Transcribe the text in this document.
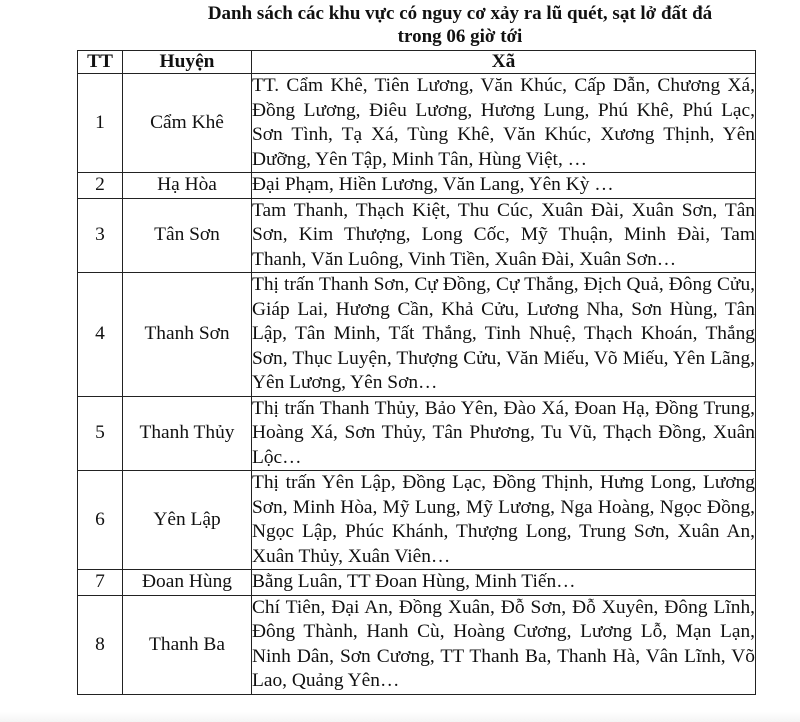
Danh sách các khu vực có nguy cơ xảy ra lũ quét, sạt lở đất đá
trong 06 giờ tới
TT	Huyện	Xã
1	Cẩm Khê	TT. Cẩm Khê, Tiên Lương, Văn Khúc, Cấp Dẫn, Chương Xá, Đồng Lương, Điêu Lương, Hương Lung, Phú Khê, Phú Lạc, Sơn Tình, Tạ Xá, Tùng Khê, Văn Khúc, Xương Thịnh, Yên Dưỡng, Yên Tập, Minh Tân, Hùng Việt, …
2	Hạ Hòa	Đại Phạm, Hiền Lương, Văn Lang, Yên Kỳ …
3	Tân Sơn	Tam Thanh, Thạch Kiệt, Thu Cúc, Xuân Đài, Xuân Sơn, Tân Sơn, Kim Thượng, Long Cốc, Mỹ Thuận, Minh Đài, Tam Thanh, Văn Luông, Vinh Tiền, Xuân Đài, Xuân Sơn…
4	Thanh Sơn	Thị trấn Thanh Sơn, Cự Đồng, Cự Thắng, Địch Quả, Đông Cửu, Giáp Lai, Hương Cần, Khả Cửu, Lương Nha, Sơn Hùng, Tân Lập, Tân Minh, Tất Thắng, Tinh Nhuệ, Thạch Khoán, Thắng Sơn, Thục Luyện, Thượng Cửu, Văn Miếu, Võ Miếu, Yên Lãng, Yên Lương, Yên Sơn…
5	Thanh Thủy	Thị trấn Thanh Thủy, Bảo Yên, Đào Xá, Đoan Hạ, Đồng Trung, Hoàng Xá, Sơn Thủy, Tân Phương, Tu Vũ, Thạch Đồng, Xuân Lộc…
6	Yên Lập	Thị trấn Yên Lập, Đồng Lạc, Đồng Thịnh, Hưng Long, Lương Sơn, Minh Hòa, Mỹ Lung, Mỹ Lương, Nga Hoàng, Ngọc Đồng, Ngọc Lập, Phúc Khánh, Thượng Long, Trung Sơn, Xuân An, Xuân Thủy, Xuân Viên…
7	Đoan Hùng	Bằng Luân, TT Đoan Hùng, Minh Tiến…
8	Thanh Ba	Chí Tiên, Đại An, Đồng Xuân, Đỗ Sơn, Đỗ Xuyên, Đông Lĩnh, Đông Thành, Hanh Cù, Hoàng Cương, Lương Lỗ, Mạn Lạn, Ninh Dân, Sơn Cương, TT Thanh Ba, Thanh Hà, Vân Lĩnh, Võ Lao, Quảng Yên…
